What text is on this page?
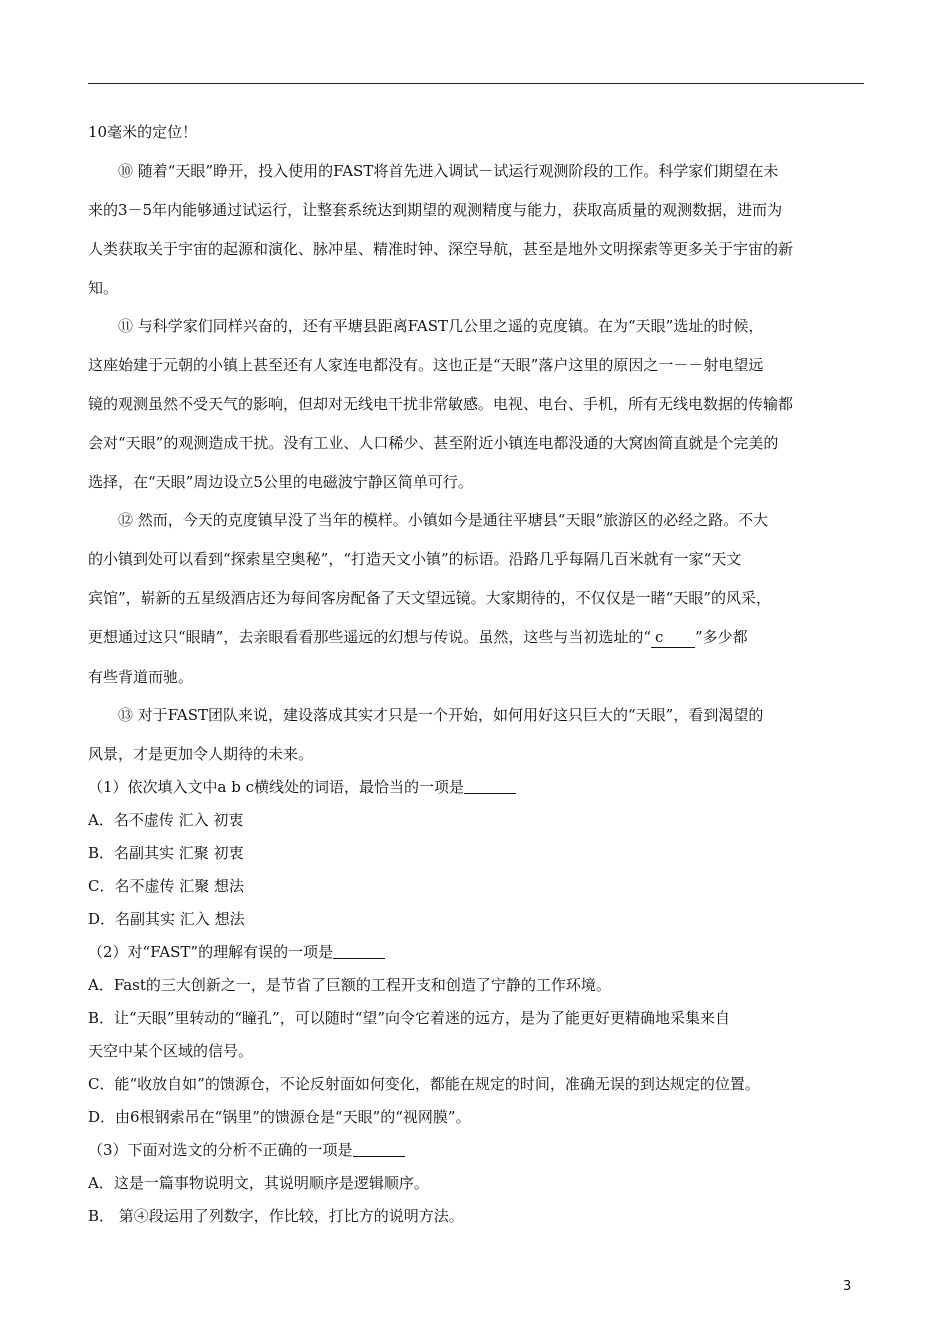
10毫米的定位！

⑩ 随着“天眼”睁开，投入使用的FAST将首先进入调试－试运行观测阶段的工作。科学家们期望在未

来的3－5年内能够通过试运行，让整套系统达到期望的观测精度与能力，获取高质量的观测数据，进而为

人类获取关于宇宙的起源和演化、脉冲星、精准时钟、深空导航，甚至是地外文明探索等更多关于宇宙的新

知。

⑪ 与科学家们同样兴奋的，还有平塘县距离FAST几公里之遥的克度镇。在为“天眼”选址的时候，

这座始建于元朝的小镇上甚至还有人家连电都没有。这也正是“天眼”落户这里的原因之一－－射电望远

镜的观测虽然不受天气的影响，但却对无线电干扰非常敏感。电视、电台、手机，所有无线电数据的传输都

会对“天眼”的观测造成干扰。没有工业、人口稀少、甚至附近小镇连电都没通的大窝凼简直就是个完美的

选择，在“天眼”周边设立5公里的电磁波宁静区简单可行。

⑫ 然而，今天的克度镇早没了当年的模样。小镇如今是通往平塘县“天眼”旅游区的必经之路。不大

的小镇到处可以看到“探索星空奥秘”，“打造天文小镇”的标语。沿路几乎每隔几百米就有一家“天文

宾馆”，崭新的五星级酒店还为每间客房配备了天文望远镜。大家期待的，不仅仅是一睹“天眼”的风采，

更想通过这只“眼睛”，去亲眼看看那些遥远的幻想与传说。虽然，这些与当初选址的“ c ”多少都

有些背道而驰。

⑬ 对于FAST团队来说，建设落成其实才只是一个开始，如何用好这只巨大的“天眼”，看到渴望的

风景，才是更加令人期待的未来。

（1）依次填入文中a b c横线处的词语，最恰当的一项是

A．名不虚传 汇入 初衷

B．名副其实 汇聚 初衷

C．名不虚传 汇聚 想法

D．名副其实 汇入 想法

（2）对“FAST”的理解有误的一项是

A．Fast的三大创新之一，是节省了巨额的工程开支和创造了宁静的工作环境。

B．让“天眼”里转动的“瞳孔”，可以随时“望”向令它着迷的远方，是为了能更好更精确地采集来自

天空中某个区域的信号。

C．能“收放自如”的馈源仓，不论反射面如何变化，都能在规定的时间，准确无误的到达规定的位置。

D．由6根钢索吊在“锅里”的馈源仓是“天眼”的“视网膜”。

（3）下面对选文的分析不正确的一项是

A．这是一篇事物说明文，其说明顺序是逻辑顺序。

B． 第④段运用了列数字，作比较，打比方的说明方法。

3
